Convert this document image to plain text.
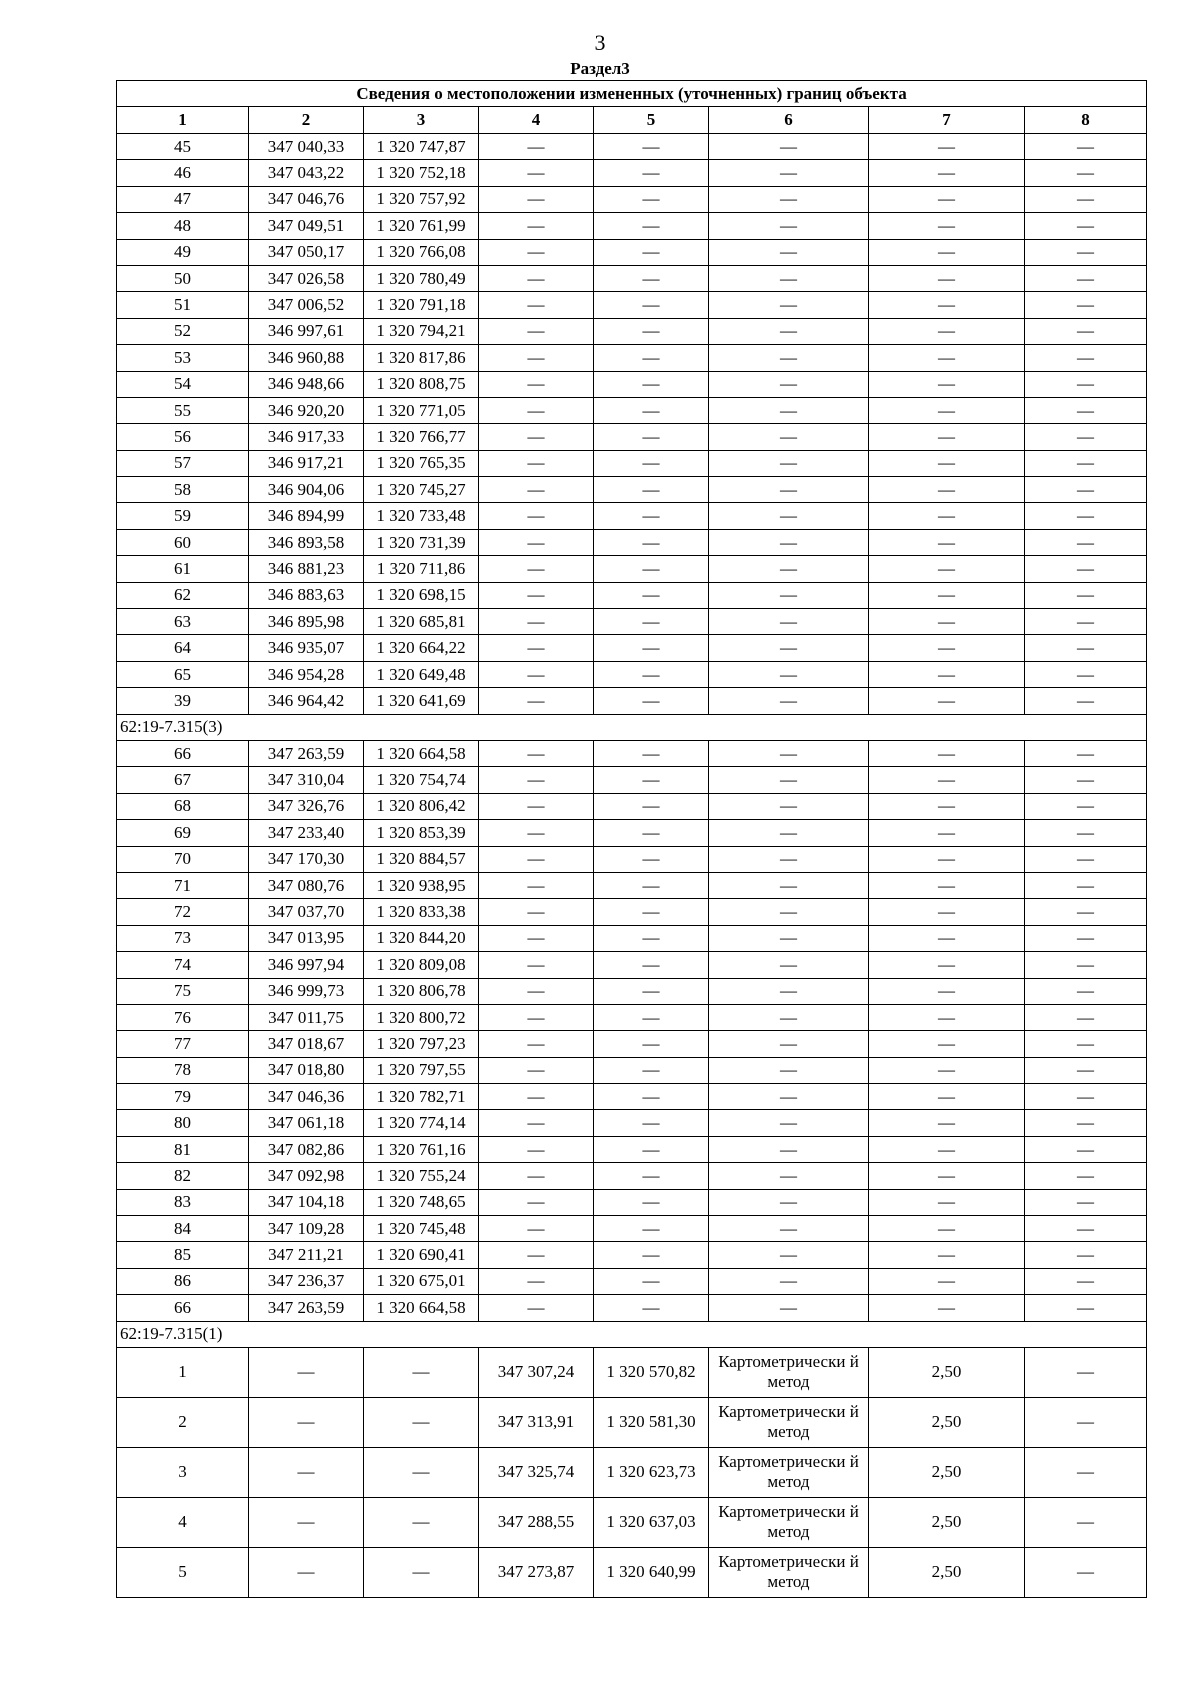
3
Раздел3
Сведения о местоположении измененных (уточненных) границ объекта							
1	2	3	4	5	6	7	8
45	347 040,33	1 320 747,87	—	—	—	—	—
46	347 043,22	1 320 752,18	—	—	—	—	—
47	347 046,76	1 320 757,92	—	—	—	—	—
48	347 049,51	1 320 761,99	—	—	—	—	—
49	347 050,17	1 320 766,08	—	—	—	—	—
50	347 026,58	1 320 780,49	—	—	—	—	—
51	347 006,52	1 320 791,18	—	—	—	—	—
52	346 997,61	1 320 794,21	—	—	—	—	—
53	346 960,88	1 320 817,86	—	—	—	—	—
54	346 948,66	1 320 808,75	—	—	—	—	—
55	346 920,20	1 320 771,05	—	—	—	—	—
56	346 917,33	1 320 766,77	—	—	—	—	—
57	346 917,21	1 320 765,35	—	—	—	—	—
58	346 904,06	1 320 745,27	—	—	—	—	—
59	346 894,99	1 320 733,48	—	—	—	—	—
60	346 893,58	1 320 731,39	—	—	—	—	—
61	346 881,23	1 320 711,86	—	—	—	—	—
62	346 883,63	1 320 698,15	—	—	—	—	—
63	346 895,98	1 320 685,81	—	—	—	—	—
64	346 935,07	1 320 664,22	—	—	—	—	—
65	346 954,28	1 320 649,48	—	—	—	—	—
39	346 964,42	1 320 641,69	—	—	—	—	—
62:19-7.315(3)							
66	347 263,59	1 320 664,58	—	—	—	—	—
67	347 310,04	1 320 754,74	—	—	—	—	—
68	347 326,76	1 320 806,42	—	—	—	—	—
69	347 233,40	1 320 853,39	—	—	—	—	—
70	347 170,30	1 320 884,57	—	—	—	—	—
71	347 080,76	1 320 938,95	—	—	—	—	—
72	347 037,70	1 320 833,38	—	—	—	—	—
73	347 013,95	1 320 844,20	—	—	—	—	—
74	346 997,94	1 320 809,08	—	—	—	—	—
75	346 999,73	1 320 806,78	—	—	—	—	—
76	347 011,75	1 320 800,72	—	—	—	—	—
77	347 018,67	1 320 797,23	—	—	—	—	—
78	347 018,80	1 320 797,55	—	—	—	—	—
79	347 046,36	1 320 782,71	—	—	—	—	—
80	347 061,18	1 320 774,14	—	—	—	—	—
81	347 082,86	1 320 761,16	—	—	—	—	—
82	347 092,98	1 320 755,24	—	—	—	—	—
83	347 104,18	1 320 748,65	—	—	—	—	—
84	347 109,28	1 320 745,48	—	—	—	—	—
85	347 211,21	1 320 690,41	—	—	—	—	—
86	347 236,37	1 320 675,01	—	—	—	—	—
66	347 263,59	1 320 664,58	—	—	—	—	—
62:19-7.315(1)							
1	—	—	347 307,24	1 320 570,82	Картометрически й метод	2,50	—
2	—	—	347 313,91	1 320 581,30	Картометрически й метод	2,50	—
3	—	—	347 325,74	1 320 623,73	Картометрически й метод	2,50	—
4	—	—	347 288,55	1 320 637,03	Картометрически й метод	2,50	—
5	—	—	347 273,87	1 320 640,99	Картометрически й метод	2,50	—
